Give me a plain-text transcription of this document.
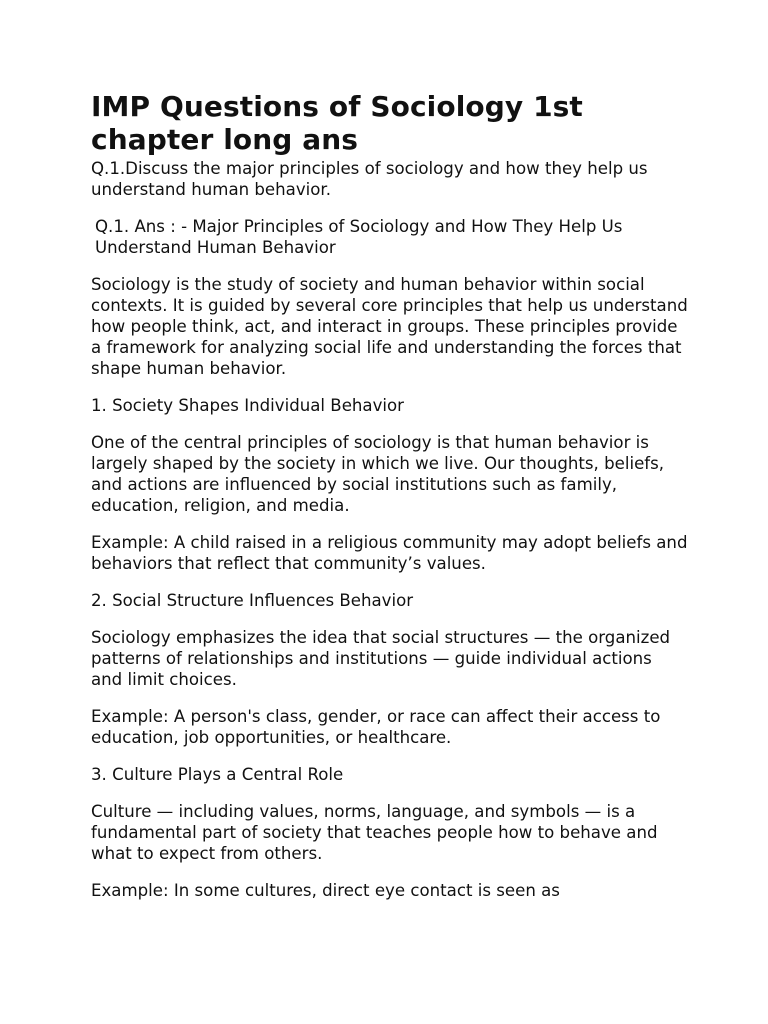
IMP Questions of Sociology 1st chapter long ans

Q.1.Discuss the major principles of sociology and how they help us understand human behavior.

Q.1. Ans : - Major Principles of Sociology and How They Help Us Understand Human Behavior

Sociology is the study of society and human behavior within social contexts. It is guided by several core principles that help us understand how people think, act, and interact in groups. These principles provide a framework for analyzing social life and understanding the forces that shape human behavior.

1. Society Shapes Individual Behavior

One of the central principles of sociology is that human behavior is largely shaped by the society in which we live. Our thoughts, beliefs, and actions are influenced by social institutions such as family, education, religion, and media.

Example: A child raised in a religious community may adopt beliefs and behaviors that reflect that community’s values.

2. Social Structure Influences Behavior

Sociology emphasizes the idea that social structures — the organized patterns of relationships and institutions — guide individual actions and limit choices.

Example: A person's class, gender, or race can affect their access to education, job opportunities, or healthcare.

3. Culture Plays a Central Role

Culture — including values, norms, language, and symbols — is a fundamental part of society that teaches people how to behave and what to expect from others.

Example: In some cultures, direct eye contact is seen as
